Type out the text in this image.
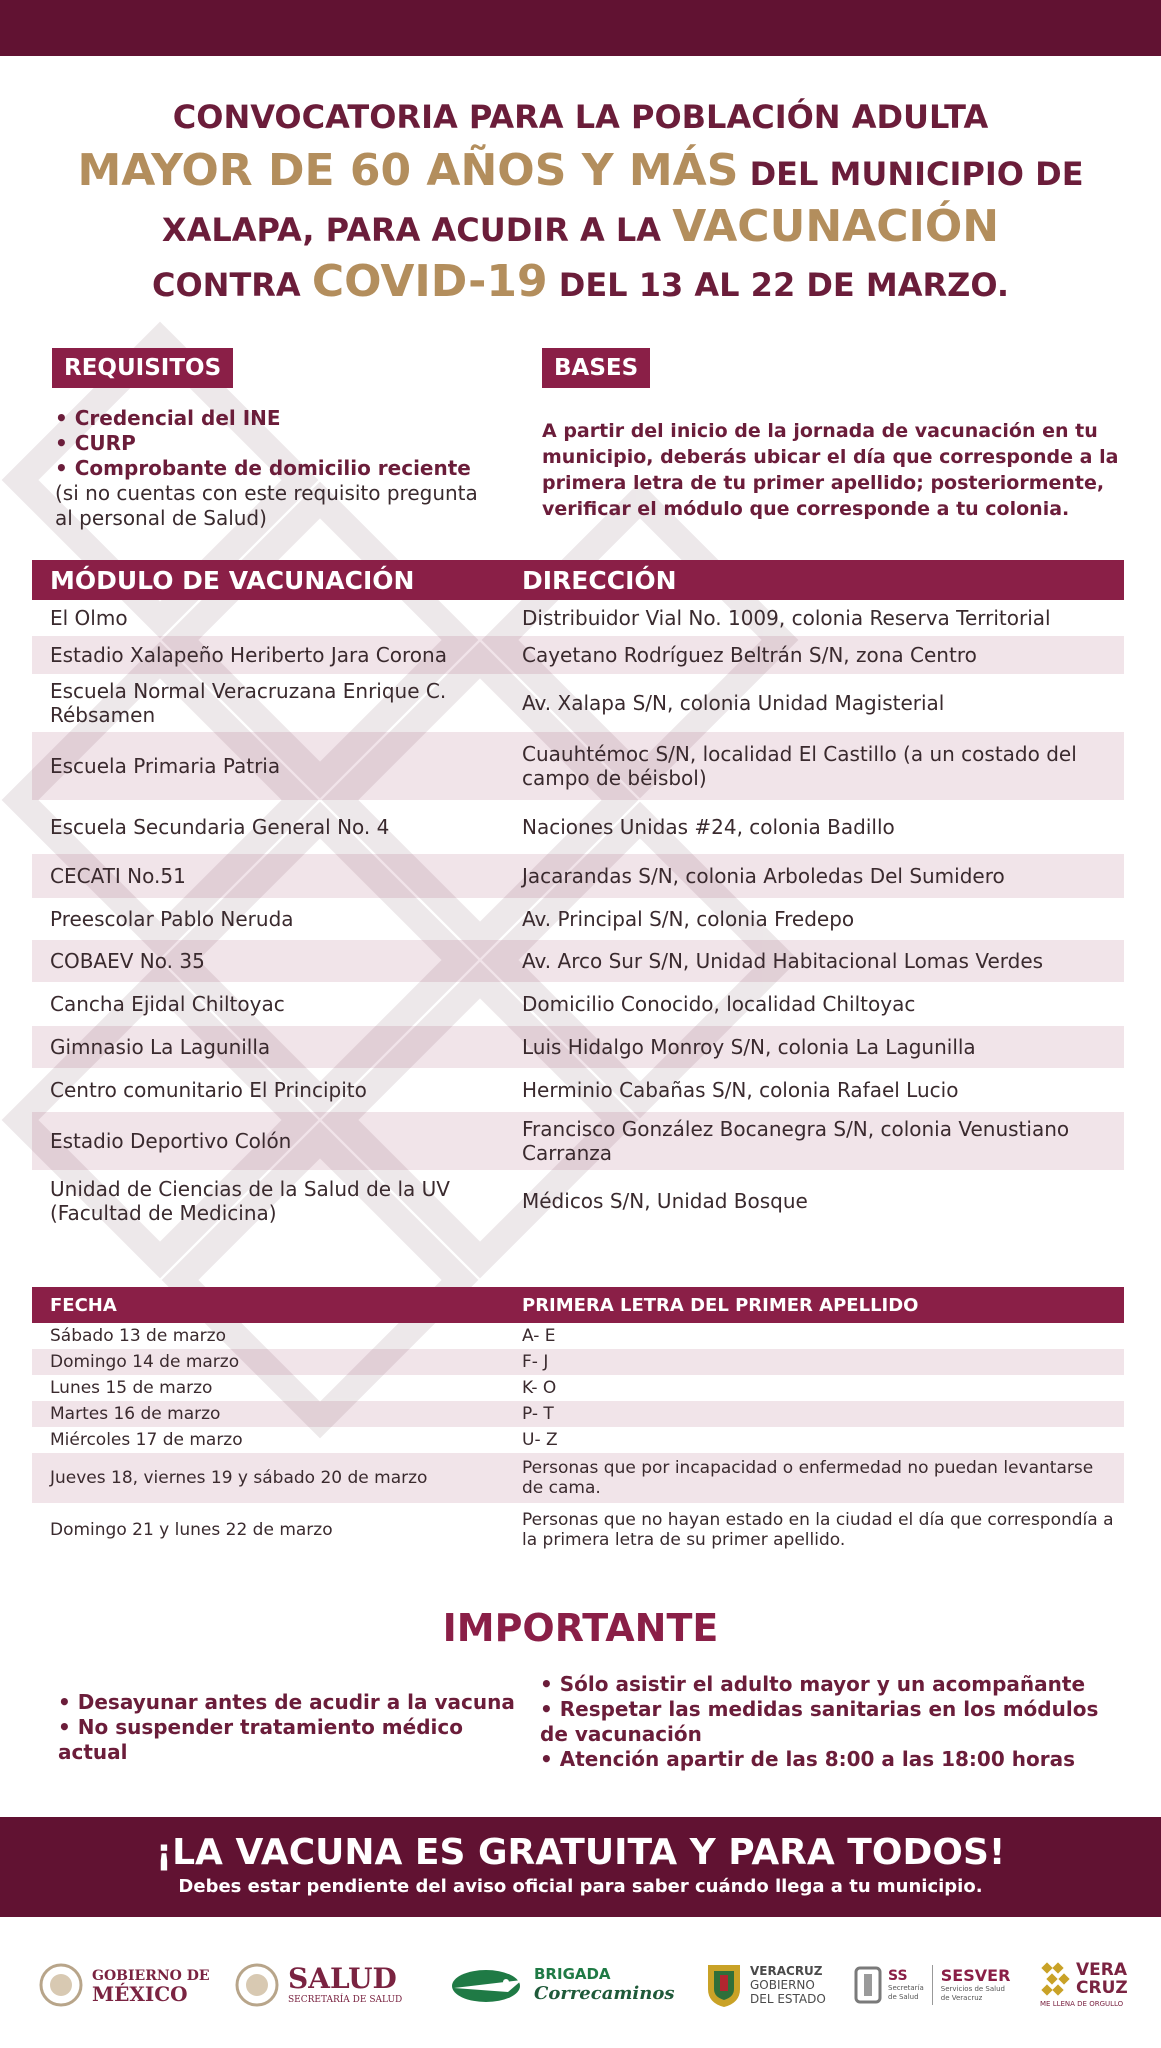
CONVOCATORIA PARA LA POBLACIÓN ADULTA
MAYOR DE 60 AÑOS Y MÁS DEL MUNICIPIO DE
XALAPA, PARA ACUDIR A LA VACUNACIÓN
CONTRA COVID-19 DEL 13 AL 22 DE MARZO.
REQUISITOS
• Credencial del INE
• CURP
• Comprobante de domicilio reciente
(si no cuentas con este requisito pregunta
al personal de Salud)
BASES
A partir del inicio de la jornada de vacunación en tu municipio, deberás ubicar el día que corresponde a la primera letra de tu primer apellido; posteriormente, verificar el módulo que corresponde a tu colonia.
MÓDULO DE VACUNACIÓN	DIRECCIÓN
El Olmo	Distribuidor Vial No. 1009, colonia Reserva Territorial
Estadio Xalapeño Heriberto Jara Corona	Cayetano Rodríguez Beltrán S/N, zona Centro
Escuela Normal Veracruzana Enrique C. Rébsamen	Av. Xalapa S/N, colonia Unidad Magisterial
Escuela Primaria Patria	Cuauhtémoc S/N, localidad El Castillo (a un costado del campo de béisbol)
Escuela Secundaria General No. 4	Naciones Unidas #24, colonia Badillo
CECATI No.51	Jacarandas S/N, colonia Arboledas Del Sumidero
Preescolar Pablo Neruda	Av. Principal S/N, colonia Fredepo
COBAEV No. 35	Av. Arco Sur S/N, Unidad Habitacional Lomas Verdes
Cancha Ejidal Chiltoyac	Domicilio Conocido, localidad Chiltoyac
Gimnasio La Lagunilla	Luis Hidalgo Monroy S/N, colonia La Lagunilla
Centro comunitario El Principito	Herminio Cabañas S/N, colonia Rafael Lucio
Estadio Deportivo Colón	Francisco González Bocanegra S/N, colonia Venustiano Carranza
Unidad de Ciencias de la Salud de la UV (Facultad de Medicina)	Médicos S/N, Unidad Bosque
FECHA	PRIMERA LETRA DEL PRIMER APELLIDO
Sábado 13 de marzo	A- E
Domingo 14 de marzo	F- J
Lunes 15 de marzo	K- O
Martes 16 de marzo	P- T
Miércoles 17 de marzo	U- Z
Jueves 18, viernes 19 y sábado 20 de marzo	Personas que por incapacidad o enfermedad no puedan levantarse de cama.
Domingo 21 y lunes 22 de marzo	Personas que no hayan estado en la ciudad el día que correspondía a la primera letra de su primer apellido.
IMPORTANTE
• Desayunar antes de acudir a la vacuna
• No suspender tratamiento médico actual
• Sólo asistir el adulto mayor y un acompañante
• Respetar las medidas sanitarias en los módulos de vacunación
• Atención apartir de las 8:00 a las 18:00 horas
¡LA VACUNA ES GRATUITA Y PARA TODOS!
Debes estar pendiente del aviso oficial para saber cuándo llega a tu municipio.
GOBIERNO DE
MÉXICO	SALUD
SECRETARÍA DE SALUD
BRIGADA
Correcaminos
VERACRUZ
GOBIERNO
DEL ESTADO
SS
Secretaría
de Salud
SESVER
Servicios de Salud
de Veracruz
VERA
CRUZ
ME LLENA DE ORGULLO
